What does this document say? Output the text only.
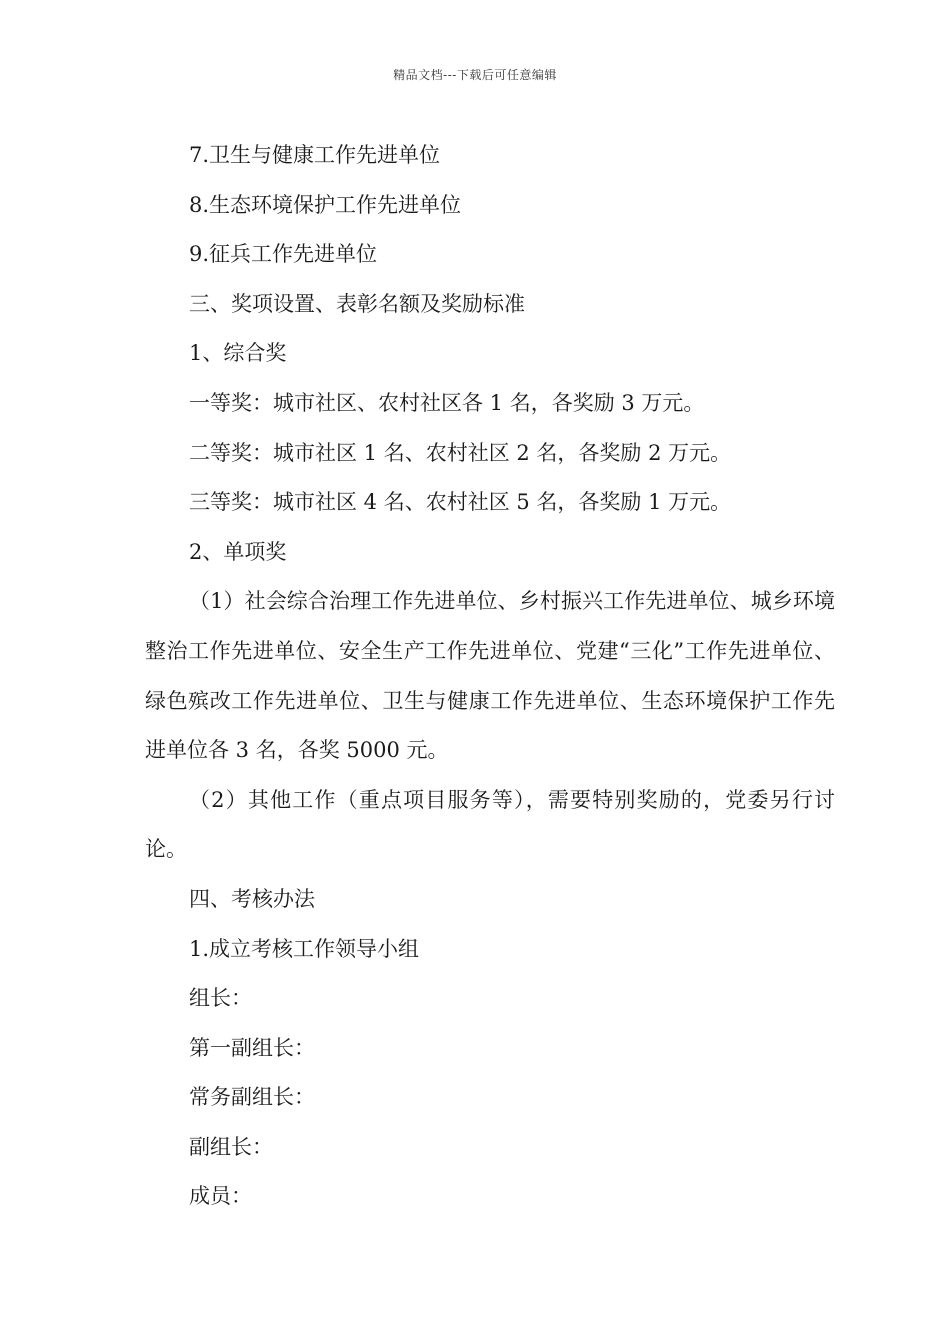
精品文档---下载后可任意编辑

7.卫生与健康工作先进单位

8.生态环境保护工作先进单位

9.征兵工作先进单位

三、奖项设置、表彰名额及奖励标准

1、综合奖

一等奖：城市社区、农村社区各 1 名，各奖励 3 万元。

二等奖：城市社区 1 名、农村社区 2 名，各奖励 2 万元。

三等奖：城市社区 4 名、农村社区 5 名，各奖励 1 万元。

2、单项奖

（1）社会综合治理工作先进单位、乡村振兴工作先进单位、城乡环境整治工作先进单位、安全生产工作先进单位、党建“三化”工作先进单位、绿色殡改工作先进单位、卫生与健康工作先进单位、生态环境保护工作先进单位各 3 名，各奖 5000 元。

（2）其他工作（重点项目服务等），需要特别奖励的，党委另行讨论。

四、考核办法

1.成立考核工作领导小组

组长：

第一副组长：

常务副组长：

副组长：

成员：
